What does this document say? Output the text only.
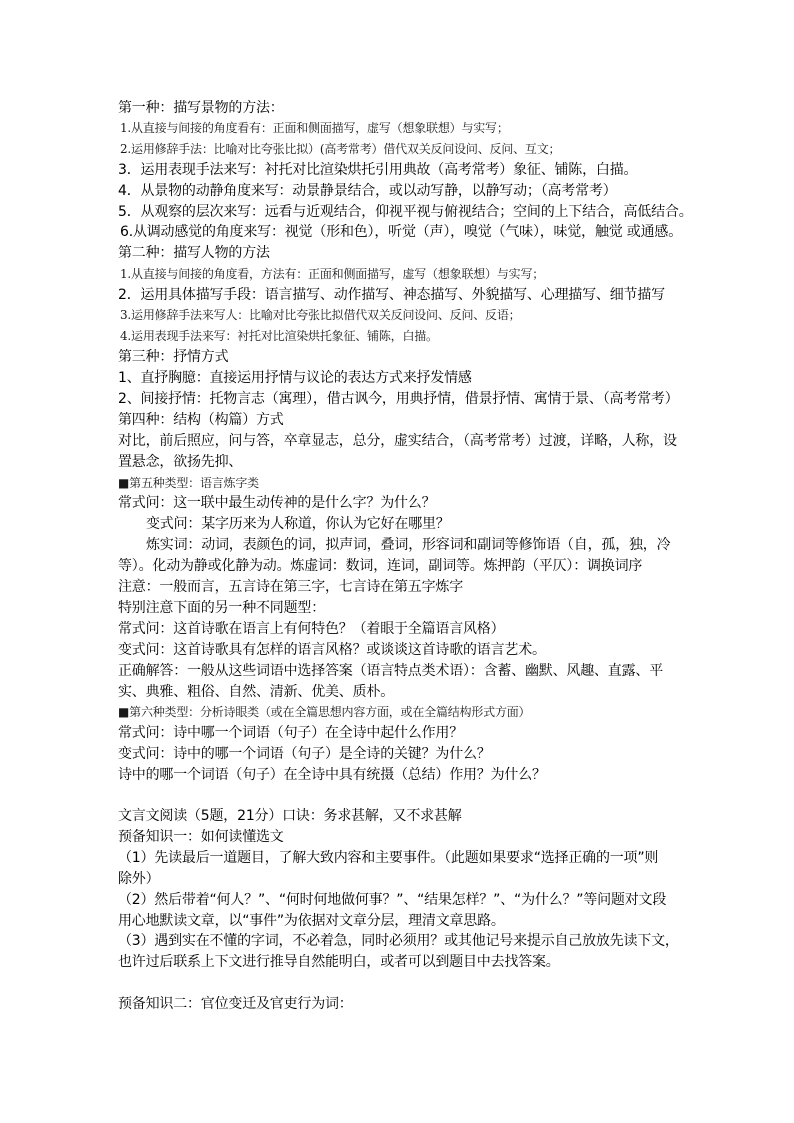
第一种：描写景物的方法：
1.从直接与间接的角度看有：正面和侧面描写，虚写（想象联想）与实写；
2.运用修辞手法：比喻对比夸张比拟）(高考常考）借代双关反问设问、反问、互文；
3．运用表现手法来写：衬托对比渲染烘托引用典故（高考常考）象征、铺陈，白描。
4．从景物的动静角度来写：动景静景结合，或以动写静，以静写动；（高考常考）
5．从观察的层次来写：远看与近观结合，仰视平视与俯视结合；空间的上下结合，高低结合。
6.从调动感觉的角度来写：视觉（形和色），听觉（声），嗅觉（气味），味觉，触觉 或通感。
第二种：描写人物的方法
1.从直接与间接的角度看，方法有：正面和侧面描写，虚写（想象联想）与实写；
2．运用具体描写手段：语言描写、动作描写、神态描写、外貌描写、心理描写、细节描写
3.运用修辞手法来写人：比喻对比夸张比拟借代双关反问设问、反问、反语；
4.运用表现手法来写：衬托对比渲染烘托象征、铺陈，白描。
第三种：抒情方式
1、直抒胸臆：直接运用抒情与议论的表达方式来抒发情感
2、间接抒情：托物言志（寓理），借古讽今，用典抒情，借景抒情、寓情于景、（高考常考）
第四种：结构（构篇）方式
对比，前后照应，问与答，卒章显志，总分，虚实结合，（高考常考）过渡，详略，人称，设
置悬念，欲扬先抑、
■第五种类型：语言炼字类
常式问：这一联中最生动传神的是什么字？为什么？
变式问：某字历来为人称道，你认为它好在哪里？
炼实词：动词，表颜色的词，拟声词，叠词，形容词和副词等修饰语（自，孤，独，冷
等）。化动为静或化静为动。炼虚词：数词，连词，副词等。炼押韵（平仄）：调换词序
注意：一般而言，五言诗在第三字，七言诗在第五字炼字
特别注意下面的另一种不同题型：
常式问：这首诗歌在语言上有何特色？（着眼于全篇语言风格）
变式问：这首诗歌具有怎样的语言风格？或谈谈这首诗歌的语言艺术。
正确解答：一般从这些词语中选择答案（语言特点类术语）：含蓄、幽默、风趣、直露、平
实、典雅、粗俗、自然、清新、优美、质朴。
■第六种类型：分析诗眼类（或在全篇思想内容方面，或在全篇结构形式方面）
常式问：诗中哪一个词语（句子）在全诗中起什么作用？
变式问：诗中的哪一个词语（句子）是全诗的关键？为什么？
诗中的哪一个词语（句子）在全诗中具有统摄（总结）作用？为什么？
文言文阅读（5题，21分）口诀：务求甚解，又不求甚解
预备知识一：如何读懂选文
（1）先读最后一道题目，了解大致内容和主要事件。（此题如果要求“选择正确的一项”则
除外）
（2）然后带着“何人？”、“何时何地做何事？”、“结果怎样？”、“为什么？”等问题对文段
用心地默读文章，以“事件”为依据对文章分层，理清文章思路。
（3）遇到实在不懂的字词，不必着急，同时必须用？或其他记号来提示自己放放先读下文，
也许过后联系上下文进行推导自然能明白，或者可以到题目中去找答案。
预备知识二：官位变迁及官吏行为词：
